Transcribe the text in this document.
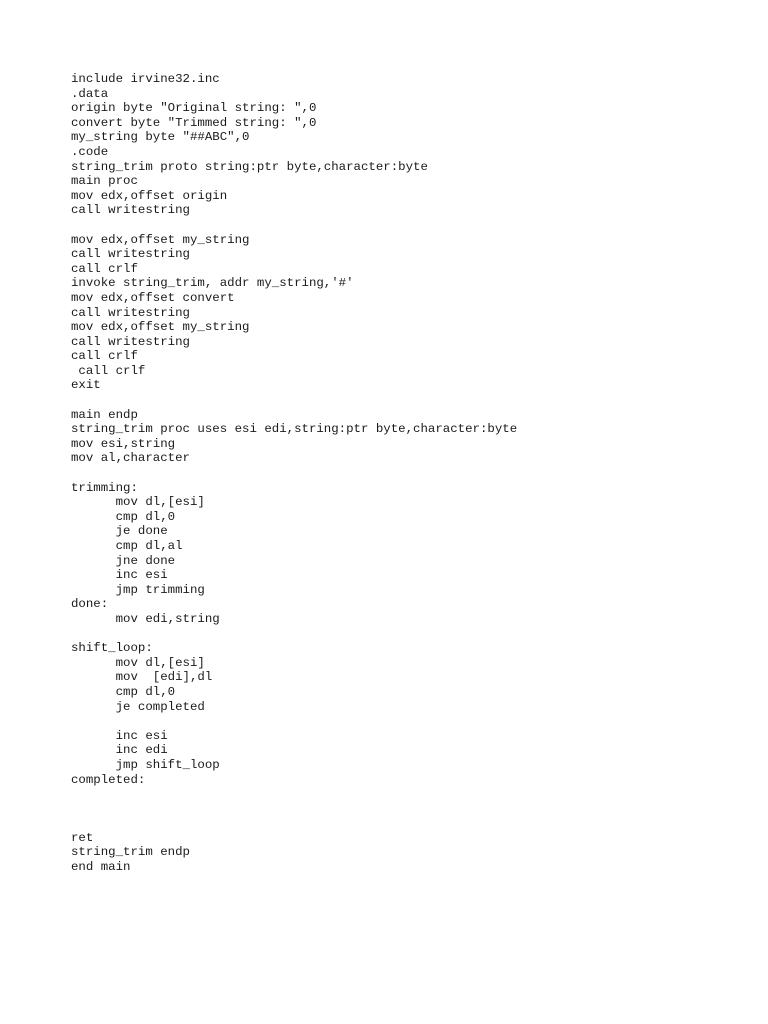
include irvine32.inc
.data
origin byte "Original string: ",0
convert byte "Trimmed string: ",0
my_string byte "##ABC",0
.code
string_trim proto string:ptr byte,character:byte
main proc
mov edx,offset origin
call writestring
mov edx,offset my_string
call writestring
call crlf
invoke string_trim, addr my_string,'#'
mov edx,offset convert
call writestring
mov edx,offset my_string
call writestring
call crlf
call crlf
exit
main endp
string_trim proc uses esi edi,string:ptr byte,character:byte
mov esi,string
mov al,character
trimming:
mov dl,[esi]
cmp dl,0
je done
cmp dl,al
jne done
inc esi
jmp trimming
done:
mov edi,string
shift_loop:
mov dl,[esi]
mov  [edi],dl
cmp dl,0
je completed
inc esi
inc edi
jmp shift_loop
completed:
ret
string_trim endp
end main
